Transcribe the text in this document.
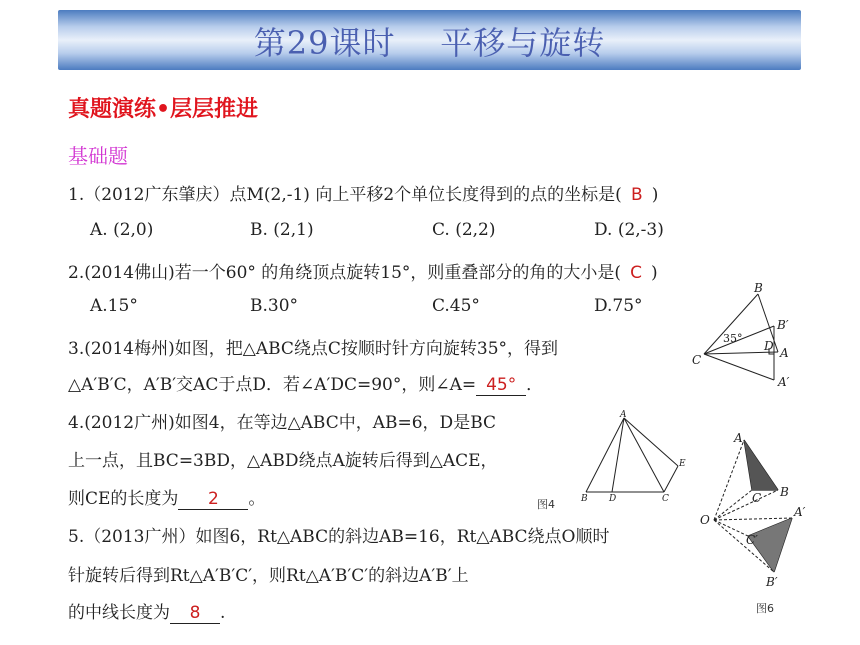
第29课时    平移与旋转
真题演练•层层推进
基础题
1.（2012广东肇庆）点M(2,-1) 向上平移2个单位长度得到的点的坐标是( B )
A. (2,0)	B. (2,1)	C. (2,2)	D. (2,-3)
2.(2014佛山)若一个60° 的角绕顶点旋转15°，则重叠部分的角的大小是( C )
A.15°	B.30°	C.45°	D.75°
3.(2014梅州)如图，把△ABC绕点C按顺时针方向旋转35°，得到
△A′B′C，A′B′交AC于点D．若∠A′DC=90°，则∠A= 45° ．
4.(2012广州)如图4，在等边△ABC中，AB=6，D是BC
上一点，且BC=3BD，△ABD绕点A旋转后得到△ACE，
则CE的长度为 2 。
5.（2013广州）如图6，Rt△ABC的斜边AB=16，Rt△ABC绕点O顺时
针旋转后得到Rt△A′B′C′，则Rt△A′B′C′的斜边A′B′上
的中线长度为 8 .
B
B′
35°
C
D A
A′
A
E
B D	C
图4
A
C B
O
A′
C′
B′
图6
